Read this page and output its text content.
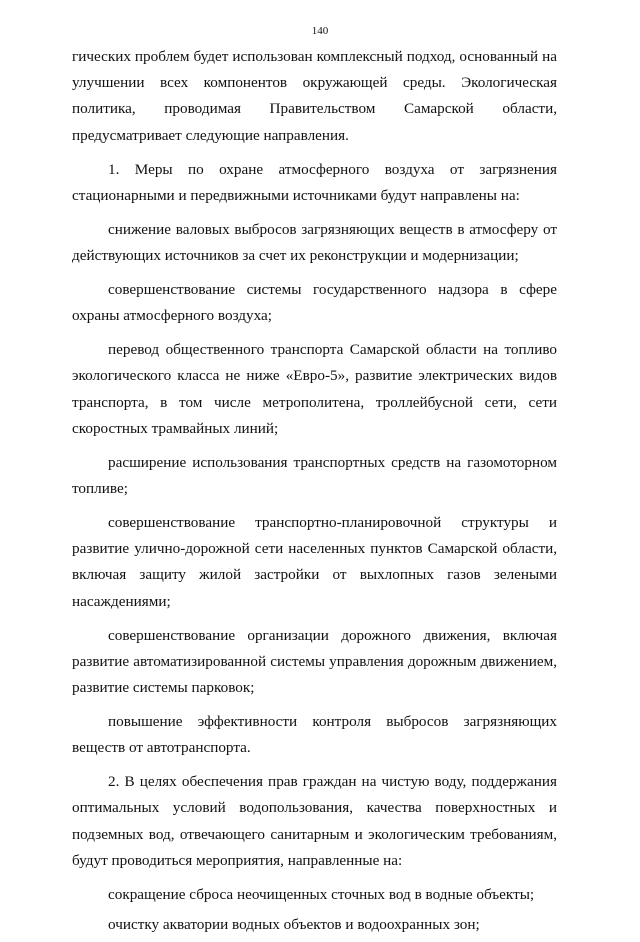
140

гических проблем будет использован комплексный подход, основанный на улучшении всех компонентов окружающей среды. Экологическая политика, проводимая Правительством Самарской области, предусматривает следующие направления.

1. Меры по охране атмосферного воздуха от загрязнения стационарными и передвижными источниками будут направлены на:

снижение валовых выбросов загрязняющих веществ в атмосферу от действующих источников за счет их реконструкции и модернизации;

совершенствование системы государственного надзора в сфере охраны атмосферного воздуха;

перевод общественного транспорта Самарской области на топливо экологического класса не ниже «Евро-5», развитие электрических видов транспорта, в том числе метрополитена, троллейбусной сети, сети скоростных трамвайных линий;

расширение использования транспортных средств на газомоторном топливе;

совершенствование транспортно-планировочной структуры и развитие улично-дорожной сети населенных пунктов Самарской области, включая защиту жилой застройки от выхлопных газов зелеными насаждениями;

совершенствование организации дорожного движения, включая развитие автоматизированной системы управления дорожным движением, развитие системы парковок;

повышение эффективности контроля выбросов загрязняющих веществ от автотранспорта.

2. В целях обеспечения прав граждан на чистую воду, поддержания оптимальных условий водопользования, качества поверхностных и подземных вод, отвечающего санитарным и экологическим требованиям, будут проводиться мероприятия, направленные на:

сокращение сброса неочищенных сточных вод в водные объекты;

очистку акватории водных объектов и водоохранных зон;
